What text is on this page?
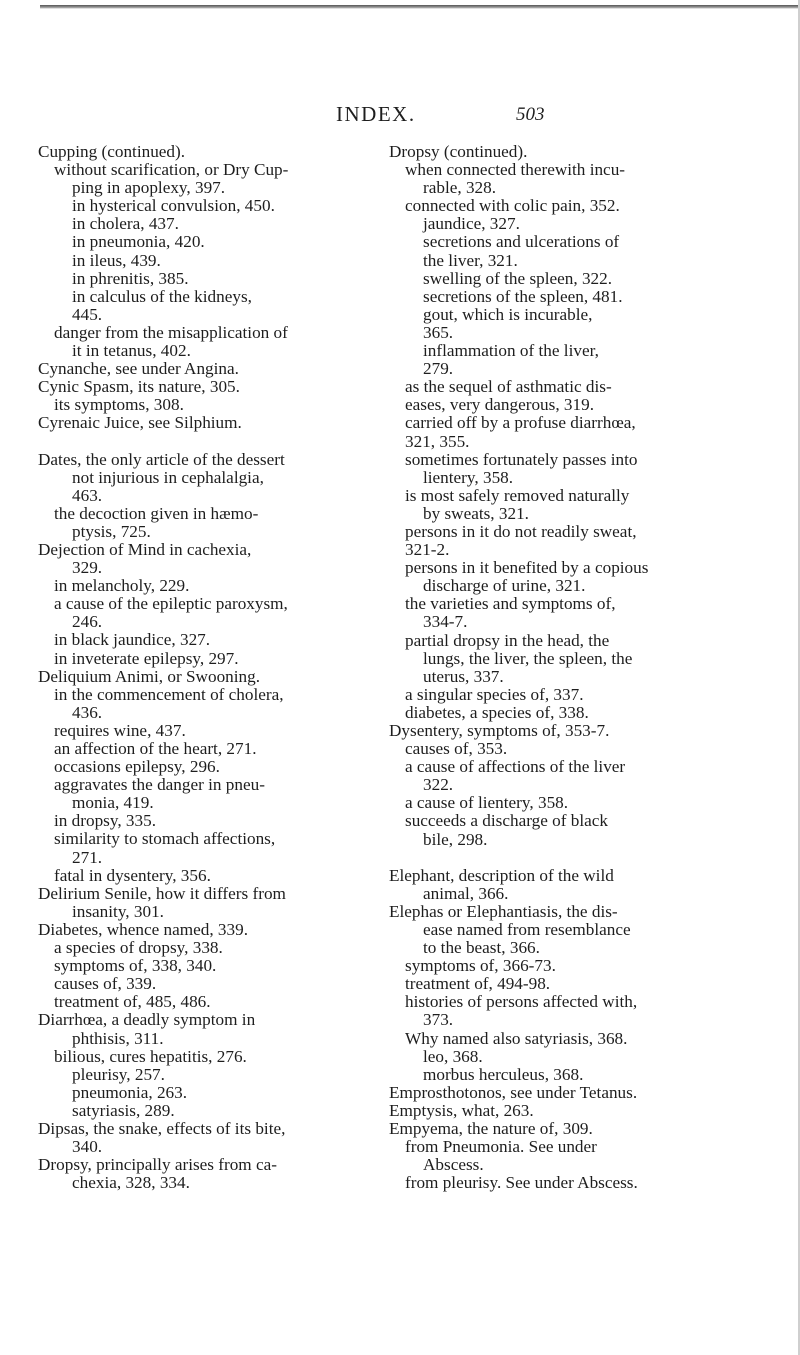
INDEX.	503
Cupping (continued).
without scarification, or Dry Cup-
ping in apoplexy, 397.
in hysterical convulsion, 450.
in cholera, 437.
in pneumonia, 420.
in ileus, 439.
in phrenitis, 385.
in calculus of the kidneys,
445.
danger from the misapplication of
it in tetanus, 402.
Cynanche, see under Angina.
Cynic Spasm, its nature, 305.
its symptoms, 308.
Cyrenaic Juice, see Silphium.
Dates, the only article of the dessert
not injurious in cephalalgia,
463.
the decoction given in hæmo-
ptysis, 725.
Dejection of Mind in cachexia,
329.
in melancholy, 229.
a cause of the epileptic paroxysm,
246.
in black jaundice, 327.
in inveterate epilepsy, 297.
Deliquium Animi, or Swooning.
in the commencement of cholera,
436.
requires wine, 437.
an affection of the heart, 271.
occasions epilepsy, 296.
aggravates the danger in pneu-
monia, 419.
in dropsy, 335.
similarity to stomach affections,
271.
fatal in dysentery, 356.
Delirium Senile, how it differs from
insanity, 301.
Diabetes, whence named, 339.
a species of dropsy, 338.
symptoms of, 338, 340.
causes of, 339.
treatment of, 485, 486.
Diarrhœa, a deadly symptom in
phthisis, 311.
bilious, cures hepatitis, 276.
pleurisy, 257.
pneumonia, 263.
satyriasis, 289.
Dipsas, the snake, effects of its bite,
340.
Dropsy, principally arises from ca-
chexia, 328, 334.
Dropsy (continued).
when connected therewith incu-
rable, 328.
connected with colic pain, 352.
jaundice, 327.
secretions and ulcerations of
the liver, 321.
swelling of the spleen, 322.
secretions of the spleen, 481.
gout, which is incurable,
365.
inflammation of the liver,
279.
as the sequel of asthmatic dis-
eases, very dangerous, 319.
carried off by a profuse diarrhœa,
321, 355.
sometimes fortunately passes into
lientery, 358.
is most safely removed naturally
by sweats, 321.
persons in it do not readily sweat,
321-2.
persons in it benefited by a copious
discharge of urine, 321.
the varieties and symptoms of,
334-7.
partial dropsy in the head, the
lungs, the liver, the spleen, the
uterus, 337.
a singular species of, 337.
diabetes, a species of, 338.
Dysentery, symptoms of, 353-7.
causes of, 353.
a cause of affections of the liver
322.
a cause of lientery, 358.
succeeds a discharge of black
bile, 298.
Elephant, description of the wild
animal, 366.
Elephas or Elephantiasis, the dis-
ease named from resemblance
to the beast, 366.
symptoms of, 366-73.
treatment of, 494-98.
histories of persons affected with,
373.
Why named also satyriasis, 368.
leo, 368.
morbus herculeus, 368.
Emprosthotonos, see under Tetanus.
Emptysis, what, 263.
Empyema, the nature of, 309.
from Pneumonia. See under
Abscess.
from pleurisy. See under Abscess.
